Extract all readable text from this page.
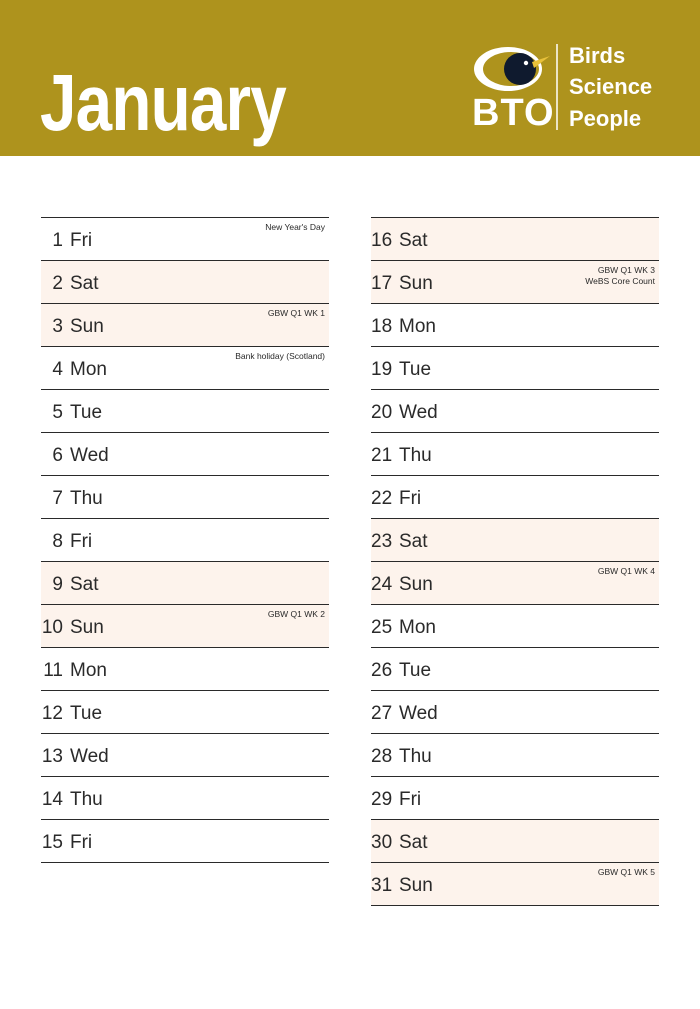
January	BTO
Birds
Science
People
1 Fri
New Year's Day
2 Sat
3 Sun
GBW Q1 WK 1
4 Mon
Bank holiday (Scotland)
5 Tue
6 Wed
7 Thu
8 Fri
9 Sat
10 Sun
GBW Q1 WK 2
11 Mon
12 Tue
13 Wed
14 Thu
15 Fri
16 Sat
17 Sun
GBW Q1 WK 3
WeBS Core Count
18 Mon
19 Tue
20 Wed
21 Thu
22 Fri
23 Sat
24 Sun
GBW Q1 WK 4
25 Mon
26 Tue
27 Wed
28 Thu
29 Fri
30 Sat
31 Sun
GBW Q1 WK 5
